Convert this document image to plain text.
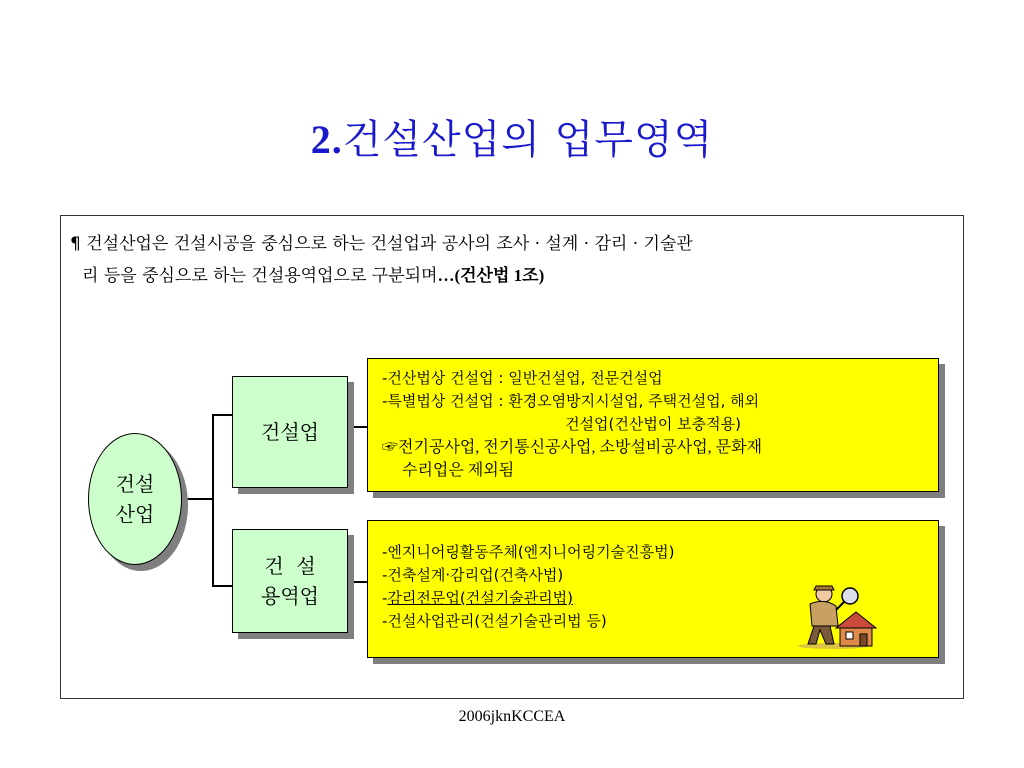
2.건설산업의 업무영역
¶ 건설산업은 건설시공을 중심으로 하는 건설업과 공사의 조사 · 설계 · 감리 · 기술관
리 등을 중심으로 하는 건설용역업으로 구분되며…(건산법 1조)
건설
산업
건설업
건  설
용역업
-건산법상 건설업 : 일반건설업, 전문건설업
-특별법상 건설업 : 환경오염방지시설업, 주택건설업, 해외
건설업(건산법이 보충적용)
☞전기공사업, 전기통신공사업, 소방설비공사업, 문화재
수리업은 제외됨
-엔지니어링활동주체(엔지니어링기술진흥법)
-건축설계·감리업(건축사법)
-감리전문업(건설기술관리법)
-건설사업관리(건설기술관리법 등)
2006jknKCCEA
